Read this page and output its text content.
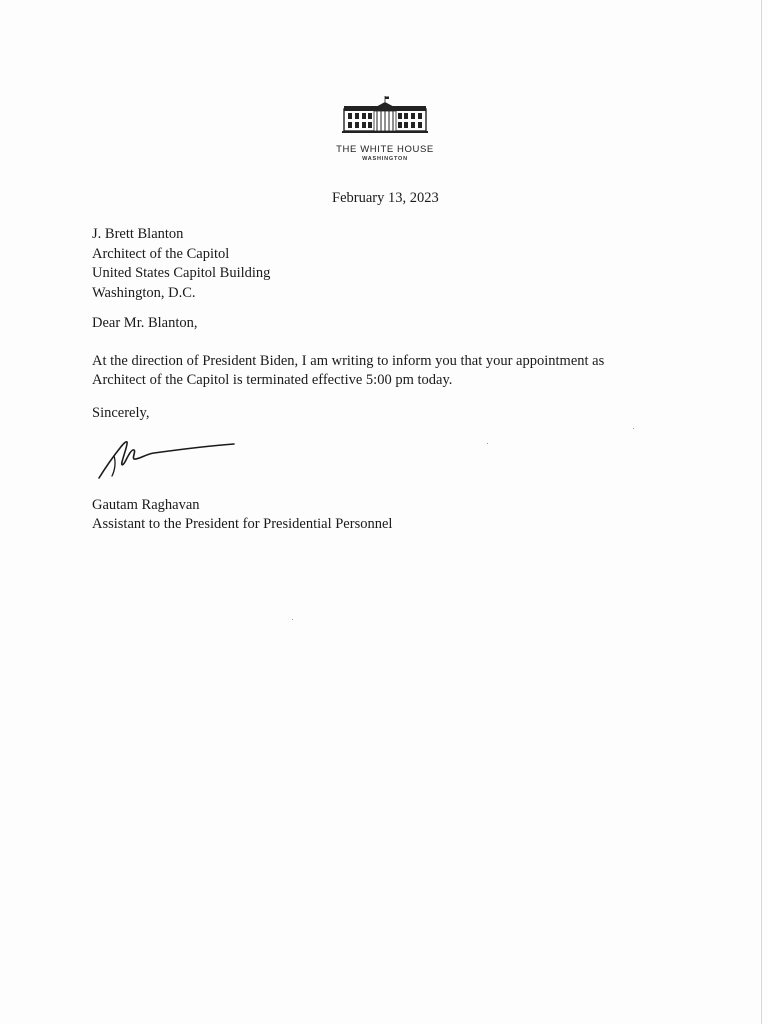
THE WHITE HOUSE
WASHINGTON
February 13, 2023
J. Brett Blanton
Architect of the Capitol
United States Capitol Building
Washington, D.C.
Dear Mr. Blanton,
At the direction of President Biden, I am writing to inform you that your appointment as
Architect of the Capitol is terminated effective 5:00 pm today.
Sincerely,
Gautam Raghavan
Assistant to the President for Presidential Personnel
